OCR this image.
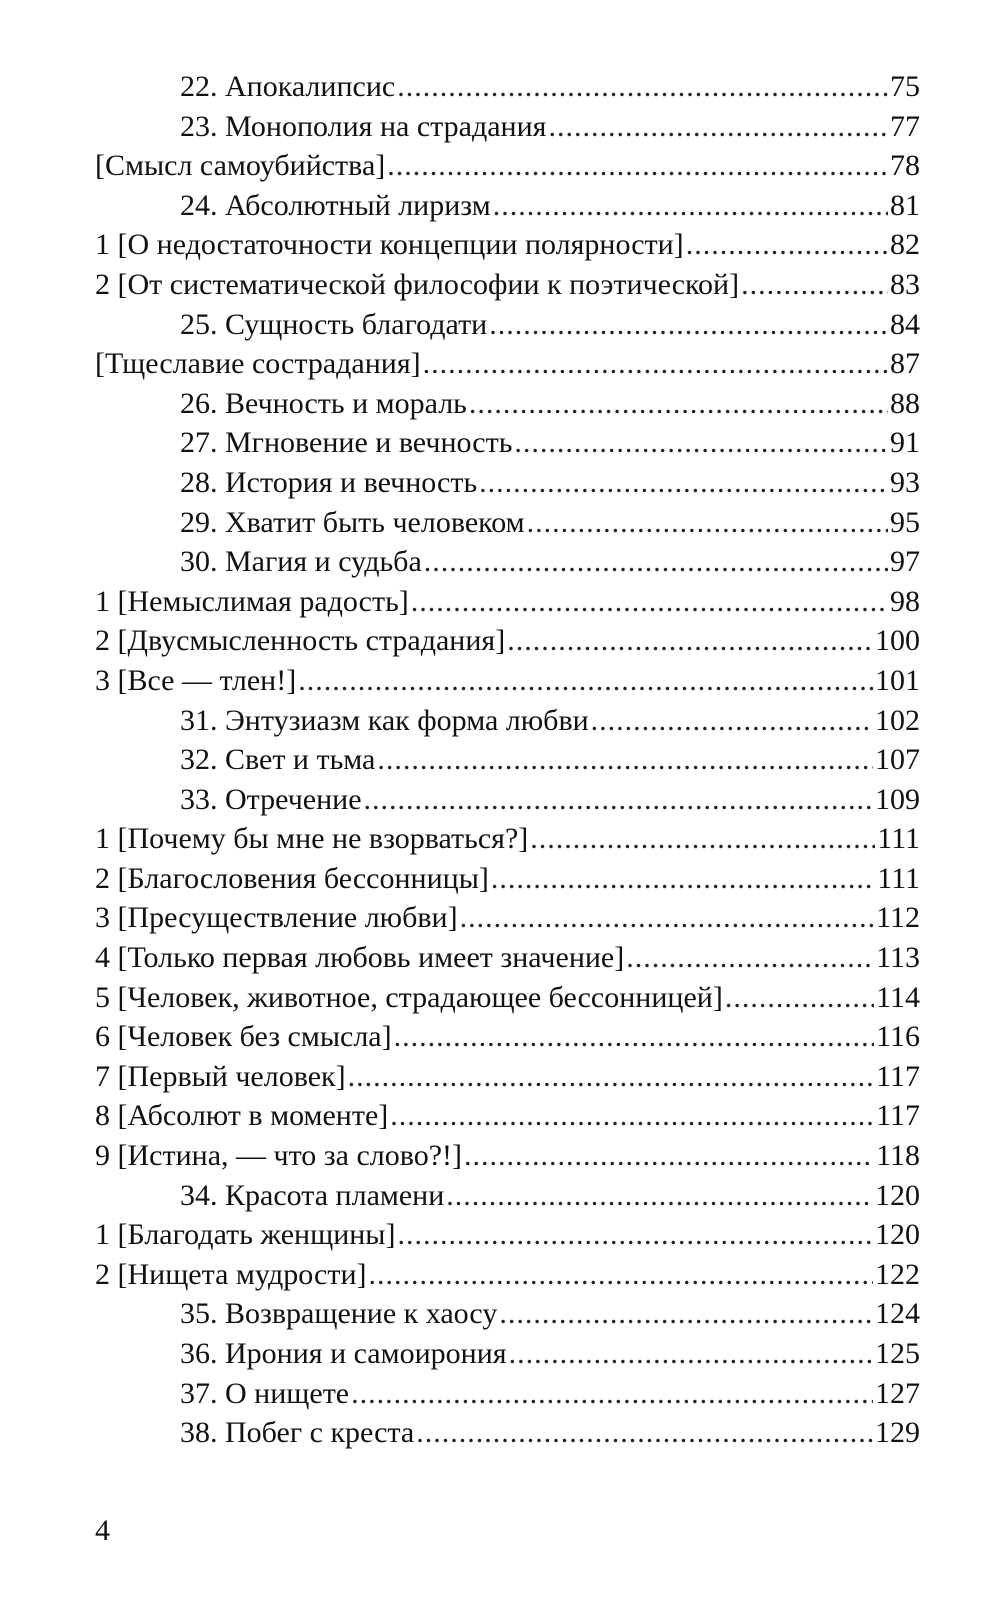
22. Апокалипсис .....	75
23. Монополия на страдания .....	77
[Смысл самоубийства] .....	78
24. Абсолютный лиризм .....	81
1 [О недостаточности концепции полярности] .....	82
2 [От систематической философии к поэтической] .....	83
25. Сущность благодати .....	84
[Тщеславие сострадания] .....	87
26. Вечность и мораль .....	88
27. Мгновение и вечность .....	91
28. История и вечность .....	93
29. Хватит быть человеком .....	95
30. Магия и судьба .....	97
1 [Немыслимая радость] .....	98
2 [Двусмысленность страдания] .....	100
3 [Все — тлен!] .....	101
31. Энтузиазм как форма любви .....	102
32. Свет и тьма .....	107
33. Отречение .....	109
1 [Почему бы мне не взорваться?] .....	111
2 [Благословения бессонницы] .....	111
3 [Пресуществление любви] .....	112
4 [Только первая любовь имеет значение] .....	113
5 [Человек, животное, страдающее бессонницей] .....	114
6 [Человек без смысла] .....	116
7 [Первый человек] .....	117
8 [Абсолют в моменте] .....	117
9 [Истина, — что за слово?!] .....	118
34. Красота пламени .....	120
1 [Благодать женщины] .....	120
2 [Нищета мудрости] .....	122
35. Возвращение к хаосу .....	124
36. Ирония и самоирония .....	125
37. О нищете .....	127
38. Побег с креста .....	129
4
